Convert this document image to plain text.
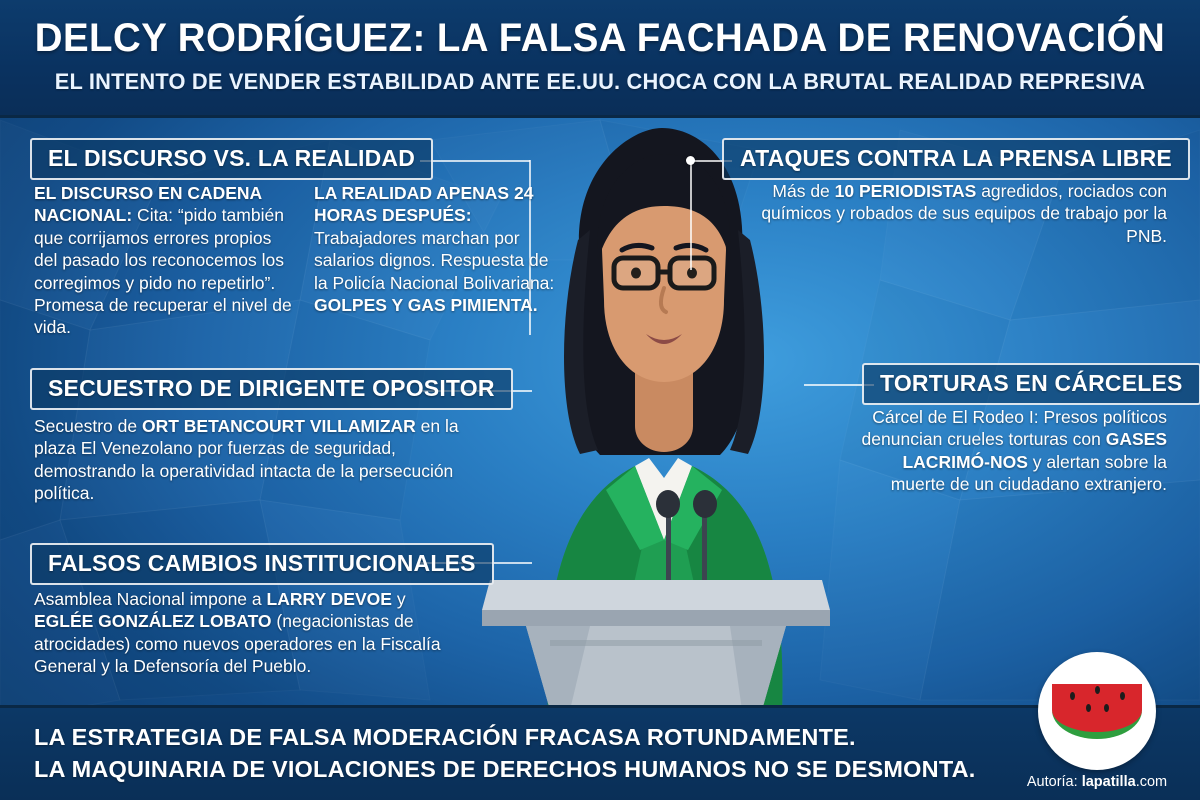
DELCY RODRÍGUEZ: LA FALSA FACHADA DE RENOVACIÓN
EL INTENTO DE VENDER ESTABILIDAD ANTE EE.UU. CHOCA CON LA BRUTAL REALIDAD REPRESIVA
EL DISCURSO VS. LA REALIDAD
EL DISCURSO EN CADENA NACIONAL: Cita: “pido también que corrijamos errores propios del pasado los reconocemos los corregimos y pido no repetirlo”. Promesa de recuperar el nivel de vida.
LA REALIDAD APENAS 24 HORAS DESPUÉS: Trabajadores marchan por salarios dignos. Respuesta de la Policía Nacional Bolivariana: GOLPES Y GAS PIMIENTA.
SECUESTRO DE DIRIGENTE OPOSITOR
Secuestro de ORT BETANCOURT VILLAMIZAR en la plaza El Venezolano por fuerzas de seguridad, demostrando la operatividad intacta de la persecución política.
FALSOS CAMBIOS INSTITUCIONALES
Asamblea Nacional impone a LARRY DEVOE y EGLÉE GONZÁLEZ LOBATO (negacionistas de atrocidades) como nuevos operadores en la Fiscalía General y la Defensoría del Pueblo.
ATAQUES CONTRA LA PRENSA LIBRE
Más de 10 PERIODISTAS agredidos, rociados con químicos y robados de sus equipos de trabajo por la PNB.
TORTURAS EN CÁRCELES
Cárcel de El Rodeo I: Presos políticos denuncian crueles torturas con GASES LACRIMÓ-NOS y alertan sobre la muerte de un ciudadano extranjero.
LA ESTRATEGIA DE FALSA MODERACIÓN FRACASA ROTUNDAMENTE.
LA MAQUINARIA DE VIOLACIONES DE DERECHOS HUMANOS NO SE DESMONTA.	Autoría: lapatilla.com
